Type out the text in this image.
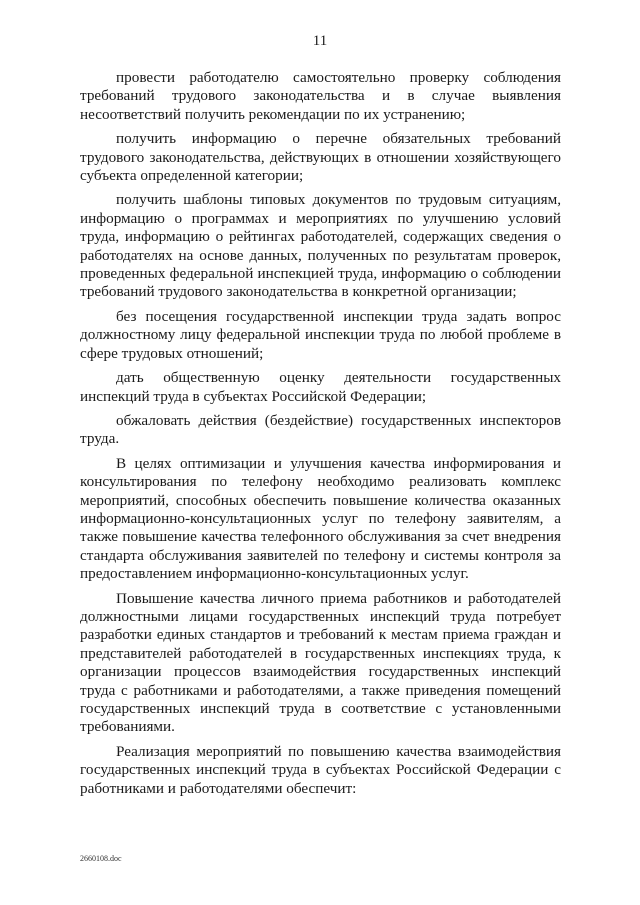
11

провести работодателю самостоятельно проверку соблюдения требований трудового законодательства и в случае выявления несоответствий получить рекомендации по их устранению;

получить информацию о перечне обязательных требований трудового законодательства, действующих в отношении хозяйствующего субъекта определенной категории;

получить шаблоны типовых документов по трудовым ситуациям, информацию о программах и мероприятиях по улучшению условий труда, информацию о рейтингах работодателей, содержащих сведения о работодателях на основе данных, полученных по результатам проверок, проведенных федеральной инспекцией труда, информацию о соблюдении требований трудового законодательства в конкретной организации;

без посещения государственной инспекции труда задать вопрос должностному лицу федеральной инспекции труда по любой проблеме в сфере трудовых отношений;

дать общественную оценку деятельности государственных инспекций труда в субъектах Российской Федерации;

обжаловать действия (бездействие) государственных инспекторов труда.

В целях оптимизации и улучшения качества информирования и консультирования по телефону необходимо реализовать комплекс мероприятий, способных обеспечить повышение количества оказанных информационно-консультационных услуг по телефону заявителям, а также повышение качества телефонного обслуживания за счет внедрения стандарта обслуживания заявителей по телефону и системы контроля за предоставлением информационно-консультационных услуг.

Повышение качества личного приема работников и работодателей должностными лицами государственных инспекций труда потребует разработки единых стандартов и требований к местам приема граждан и представителей работодателей в государственных инспекциях труда, к организации процессов взаимодействия государственных инспекций труда с работниками и работодателями, а также приведения помещений государственных инспекций труда в соответствие с установленными требованиями.

Реализация мероприятий по повышению качества взаимодействия государственных инспекций труда в субъектах Российской Федерации с работниками и работодателями обеспечит:

2660108.doc
